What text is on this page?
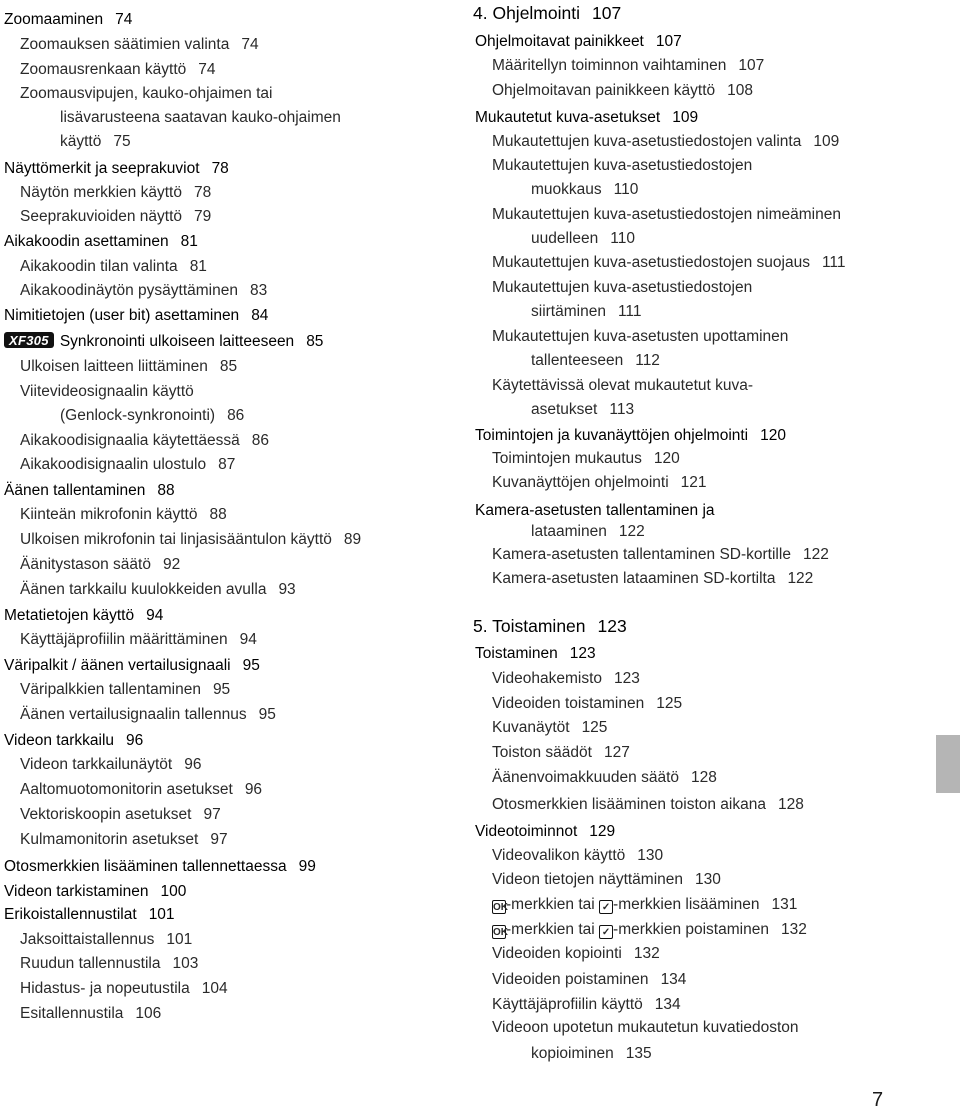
Zoomaaminen 74
Zoomauksen säätimien valinta 74
Zoomausrenkaan käyttö 74
Zoomausvipujen, kauko-ohjaimen tai
lisävarusteena saatavan kauko-ohjaimen
käyttö 75
Näyttömerkit ja seeprakuviot 78
Näytön merkkien käyttö 78
Seeprakuvioiden näyttö 79
Aikakoodin asettaminen 81
Aikakoodin tilan valinta 81
Aikakoodinäytön pysäyttäminen 83
Nimitietojen (user bit) asettaminen 84
XF305 Synkronointi ulkoiseen laitteeseen 85
Ulkoisen laitteen liittäminen 85
Viitevideosignaalin käyttö
(Genlock-synkronointi) 86
Aikakoodisignaalia käytettäessä 86
Aikakoodisignaalin ulostulo 87
Äänen tallentaminen 88
Kiinteän mikrofonin käyttö 88
Ulkoisen mikrofonin tai linjasisääntulon käyttö 89
Äänitystason säätö 92
Äänen tarkkailu kuulokkeiden avulla 93
Metatietojen käyttö 94
Käyttäjäprofiilin määrittäminen 94
Väripalkit / äänen vertailusignaali 95
Väripalkkien tallentaminen 95
Äänen vertailusignaalin tallennus 95
Videon tarkkailu 96
Videon tarkkailunäytöt 96
Aaltomuotomonitorin asetukset 96
Vektoriskoopin asetukset 97
Kulmamonitorin asetukset 97
Otosmerkkien lisääminen tallennettaessa 99
Videon tarkistaminen 100
Erikoistallennustilat 101
Jaksoittaistallennus 101
Ruudun tallennustila 103
Hidastus- ja nopeutustila 104
Esitallennustila 106
4. Ohjelmointi 107
Ohjelmoitavat painikkeet 107
Määritellyn toiminnon vaihtaminen 107
Ohjelmoitavan painikkeen käyttö 108
Mukautetut kuva-asetukset 109
Mukautettujen kuva-asetustiedostojen valinta 109
Mukautettujen kuva-asetustiedostojen
muokkaus 110
Mukautettujen kuva-asetustiedostojen nimeäminen
uudelleen 110
Mukautettujen kuva-asetustiedostojen suojaus 111
Mukautettujen kuva-asetustiedostojen
siirtäminen 111
Mukautettujen kuva-asetusten upottaminen
tallenteeseen 112
Käytettävissä olevat mukautetut kuva-
asetukset 113
Toimintojen ja kuvanäyttöjen ohjelmointi 120
Toimintojen mukautus 120
Kuvanäyttöjen ohjelmointi 121
Kamera-asetusten tallentaminen ja
lataaminen 122
Kamera-asetusten tallentaminen SD-kortille 122
Kamera-asetusten lataaminen SD-kortilta 122
5. Toistaminen 123
Toistaminen 123
Videohakemisto 123
Videoiden toistaminen 125
Kuvanäytöt 125
Toiston säädöt 127
Äänenvoimakkuuden säätö 128
Otosmerkkien lisääminen toiston aikana 128
Videotoiminnot 129
Videovalikon käyttö 130
Videon tietojen näyttäminen 130
OK-merkkien tai ✓ -merkkien lisääminen 131
OK-merkkien tai ✓ -merkkien poistaminen 132
Videoiden kopiointi 132
Videoiden poistaminen 134
Käyttäjäprofiilin käyttö 134
Videoon upotetun mukautetun kuvatiedoston
kopioiminen 135
7
